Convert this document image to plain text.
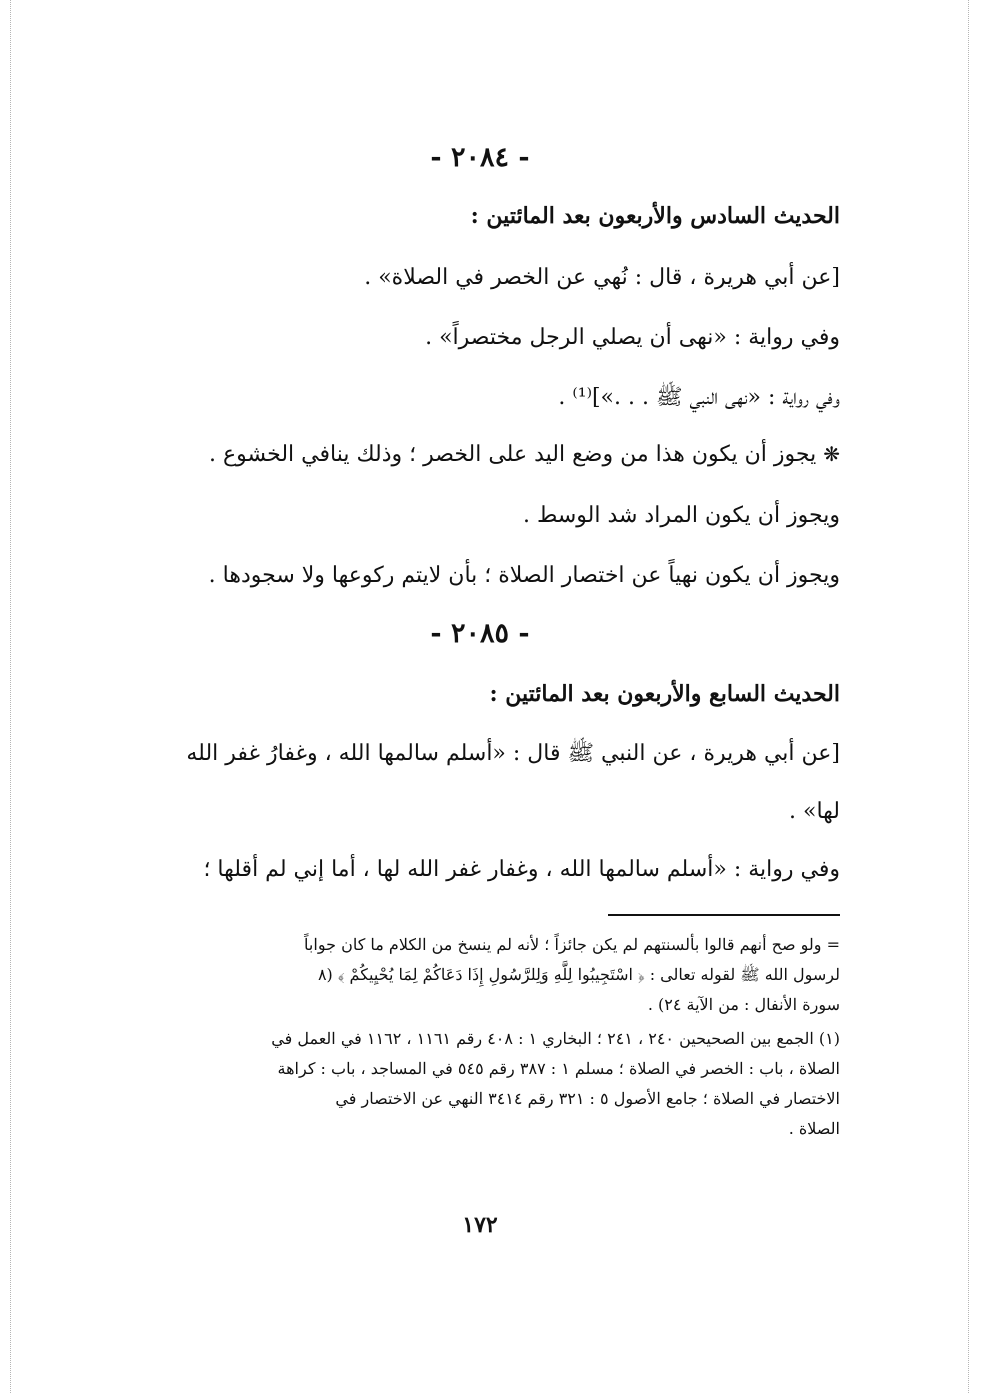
- ٢٠٨٤ -
الحديث السادس والأربعون بعد المائتين :
[عن أبي هريرة ، قال : نُهي عن الخصر في الصلاة» .
وفي رواية : «نهى أن يصلي الرجل مختصراً» .
وفي رواية : «نهى النبي ﷺ . . .»]⁽¹⁾ .
❋ يجوز أن يكون هذا من وضع اليد على الخصر ؛ وذلك ينافي الخشوع .
ويجوز أن يكون المراد شد الوسط .
ويجوز أن يكون نهياً عن اختصار الصلاة ؛ بأن لايتم ركوعها ولا سجودها .
- ٢٠٨٥ -
الحديث السابع والأربعون بعد المائتين :
[عن أبي هريرة ، عن النبي ﷺ قال : «أسلم سالمها الله ، وغفارُ غفر الله
لها» .
وفي رواية : «أسلم سالمها الله ، وغفار غفر الله لها ، أما إني لم أقلها ؛
= ولو صح أنهم قالوا بألسنتهم لم يكن جائزاً ؛ لأنه لم ينسخ من الكلام ما كان جواباً
لرسول الله ﷺ لقوله تعالى : ﴿ اسْتَجِيبُوا لِلَّهِ وَلِلرَّسُولِ إِذَا دَعَاكُمْ لِمَا يُحْيِيكُمْ ﴾ (٨
سورة الأنفال : من الآية ٢٤) .
(١) الجمع بين الصحيحين ٢٤٠ ، ٢٤١ ؛ البخاري ١ : ٤٠٨ رقم ١١٦١ ، ١١٦٢ في العمل في
الصلاة ، باب : الخصر في الصلاة ؛ مسلم ١ : ٣٨٧ رقم ٥٤٥ في المساجد ، باب : كراهة
الاختصار في الصلاة ؛ جامع الأصول ٥ : ٣٢١ رقم ٣٤١٤ النهي عن الاختصار في
الصلاة .
١٧٢
